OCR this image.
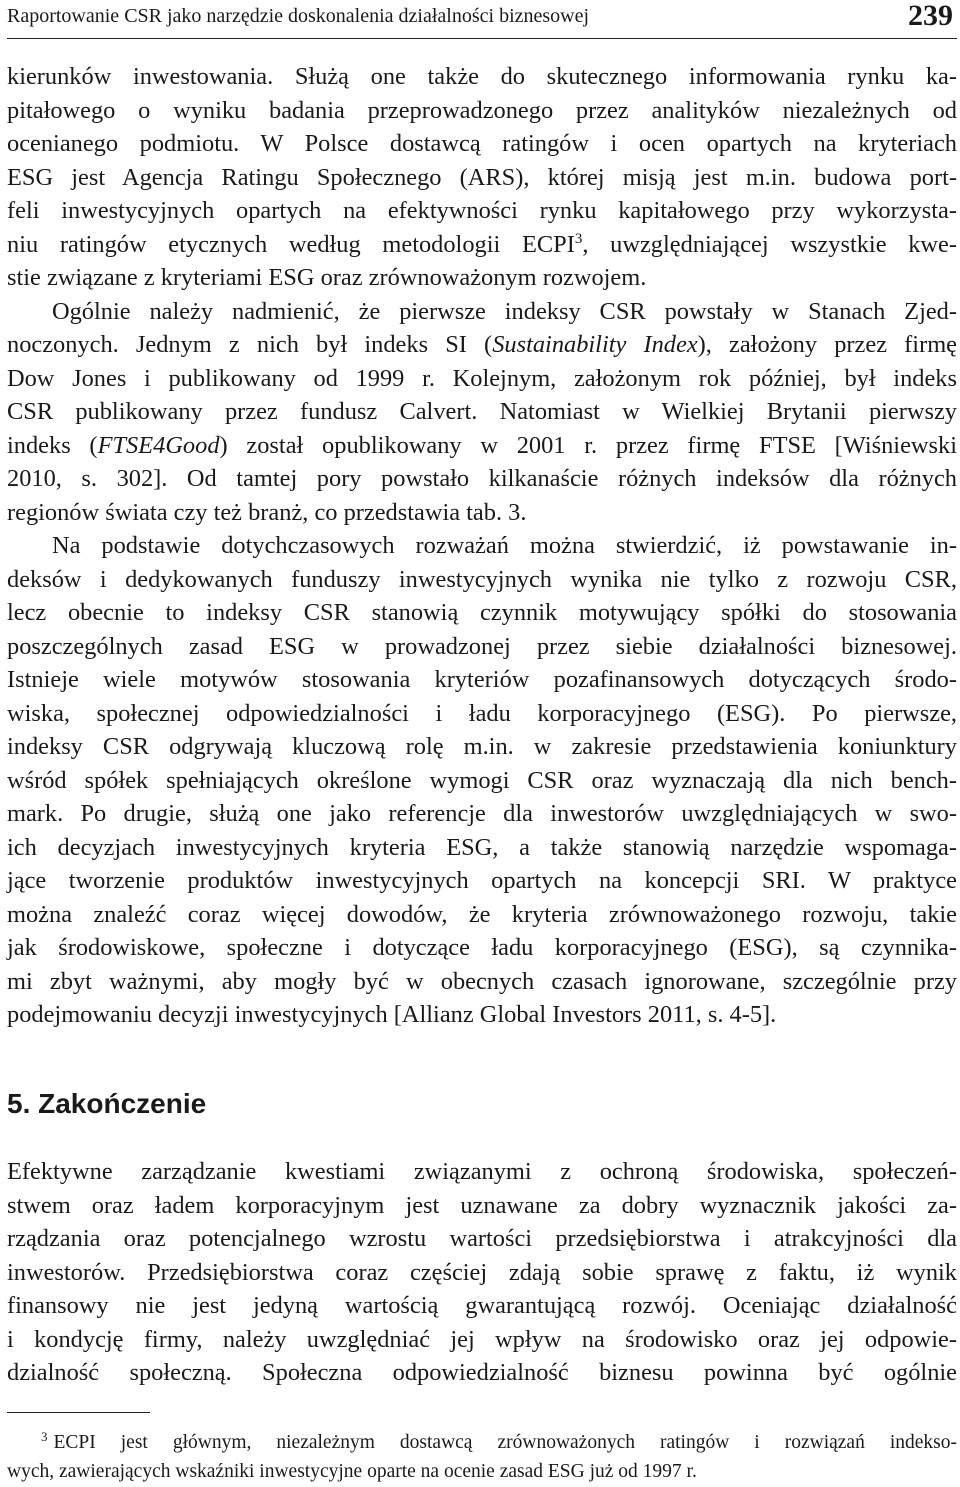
Raportowanie CSR jako narzędzie doskonalenia działalności biznesowej	239
kierunków inwestowania. Służą one także do skutecznego informowania rynku ka-
pitałowego o wyniku badania przeprowadzonego przez analityków niezależnych od
ocenianego podmiotu. W Polsce dostawcą ratingów i ocen opartych na kryteriach
ESG jest Agencja Ratingu Społecznego (ARS), której misją jest m.in. budowa port-
feli inwestycyjnych opartych na efektywności rynku kapitałowego przy wykorzysta-
niu ratingów etycznych według metodologii ECPI$^3$, uwzględniającej wszystkie kwe-
stie związane z kryteriami ESG oraz zrównoważonym rozwojem.
Ogólnie należy nadmienić, że pierwsze indeksy CSR powstały w Stanach Zjed-
noczonych. Jednym z nich był indeks SI (Sustainability Index), założony przez firmę
Dow Jones i publikowany od 1999 r. Kolejnym, założonym rok później, był indeks
CSR publikowany przez fundusz Calvert. Natomiast w Wielkiej Brytanii pierwszy
indeks (FTSE4Good) został opublikowany w 2001 r. przez firmę FTSE [Wiśniewski
2010, s. 302]. Od tamtej pory powstało kilkanaście różnych indeksów dla różnych
regionów świata czy też branż, co przedstawia tab. 3.
Na podstawie dotychczasowych rozważań można stwierdzić, iż powstawanie in-
deksów i dedykowanych funduszy inwestycyjnych wynika nie tylko z rozwoju CSR,
lecz obecnie to indeksy CSR stanowią czynnik motywujący spółki do stosowania
poszczególnych zasad ESG w prowadzonej przez siebie działalności biznesowej.
Istnieje wiele motywów stosowania kryteriów pozafinansowych dotyczących środo-
wiska, społecznej odpowiedzialności i ładu korporacyjnego (ESG). Po pierwsze,
indeksy CSR odgrywają kluczową rolę m.in. w zakresie przedstawienia koniunktury
wśród spółek spełniających określone wymogi CSR oraz wyznaczają dla nich bench-
mark. Po drugie, służą one jako referencje dla inwestorów uwzględniających w swo-
ich decyzjach inwestycyjnych kryteria ESG, a także stanowią narzędzie wspomaga-
jące tworzenie produktów inwestycyjnych opartych na koncepcji SRI. W praktyce
można znaleźć coraz więcej dowodów, że kryteria zrównoważonego rozwoju, takie
jak środowiskowe, społeczne i dotyczące ładu korporacyjnego (ESG), są czynnika-
mi zbyt ważnymi, aby mogły być w obecnych czasach ignorowane, szczególnie przy
podejmowaniu decyzji inwestycyjnych [Allianz Global Investors 2011, s. 4-5].
5. Zakończenie
Efektywne zarządzanie kwestiami związanymi z ochroną środowiska, społeczeń-
stwem oraz ładem korporacyjnym jest uznawane za dobry wyznacznik jakości za-
rządzania oraz potencjalnego wzrostu wartości przedsiębiorstwa i atrakcyjności dla
inwestorów. Przedsiębiorstwa coraz częściej zdają sobie sprawę z faktu, iż wynik
finansowy nie jest jedyną wartością gwarantującą rozwój. Oceniając działalność
i kondycję firmy, należy uwzględniać jej wpływ na środowisko oraz jej odpowie-
dzialność społeczną. Społeczna odpowiedzialność biznesu powinna być ogólnie
$^3$ ECPI jest głównym, niezależnym dostawcą zrównoważonych ratingów i rozwiązań indekso-
wych, zawierających wskaźniki inwestycyjne oparte na ocenie zasad ESG już od 1997 r.
